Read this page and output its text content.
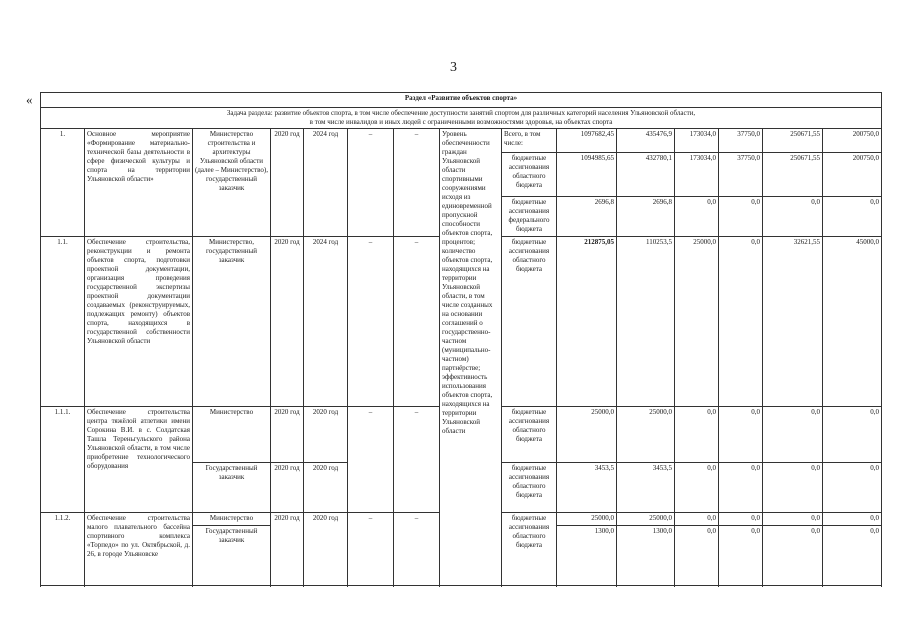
3
«	Раздел «Развитие объектов спорта»														

Задача раздела: развитие объектов спорта, в том числе обеспечение доступности занятий спортом для различных категорий населения Ульяновской области,
в том числе инвалидов и иных людей с ограниченными возможностями здоровья, на объектах спорта														

1.	Основное мероприятие «Формирование материально-технической базы деятельности в сфере физической культуры и спорта на территории Ульяновской области»	Министерство строительства и архитектуры Ульяновской области (далее – Министерство), государственный заказчик	2020 год	2024 год	–	–	Уровень обеспеченности граждан Ульяновской области спортивными сооружениями исходя из единовременной пропускной способности объектов спорта, процентов; количество объектов спорта, находящихся на территории Ульяновской области, в том числе созданных на основании соглашений о государственно-частном (муниципально-частном) партнёрстве; эффективность использования объектов спорта, находящихся на территории Ульяновской области	Всего, в том числе:	1097682,45	435476,9	173034,0	37750,0	250671,55	200750,0
								бюджетные ассигнования областного бюджета	1094985,65	432780,1	173034,0	37750,0	250671,55	200750,0
								бюджетные ассигнования федерального бюджета	2696,8	2696,8	0,0	0,0	0,0	0,0
1.1.	Обеспечение строительства, реконструкции и ремонта объектов спорта, подготовки проектной документации, организация проведения государственной экспертизы проектной документации создаваемых (реконструируемых, подлежащих ремонту) объектов спорта, находящихся в государственной собственности Ульяновской области	Министерство, государственный заказчик	2020 год	2024 год	–	–		бюджетные ассигнования областного бюджета	212875,05	110253,5	25000,0	0,0	32621,55	45000,0
1.1.1.	Обеспечение строительства центра тяжёлой атлетики имени Сорокина В.И. в с. Солдатская Ташла Тереньгульского района Ульяновской области, в том числе приобретение технологического оборудования	Министерство	2020 год	2020 год	–	–		бюджетные ассигнования областного бюджета	25000,0	25000,0	0,0	0,0	0,0	0,0
		Государственный заказчик	2020 год	2020 год				бюджетные ассигнования областного бюджета	3453,5	3453,5	0,0	0,0	0,0	0,0
1.1.2.	Обеспечение строительства малого плавательного бассейна спортивного комплекса «Торпедо» по ул. Октябрьской, д. 26, в городе Ульяновске	Министерство	2020 год	2020 год	–	–		бюджетные ассигнования областного бюджета	25000,0	25000,0	0,0	0,0	0,0	0,0
		Государственный заказчик							1300,0	1300,0	0,0	0,0	0,0	0,0
